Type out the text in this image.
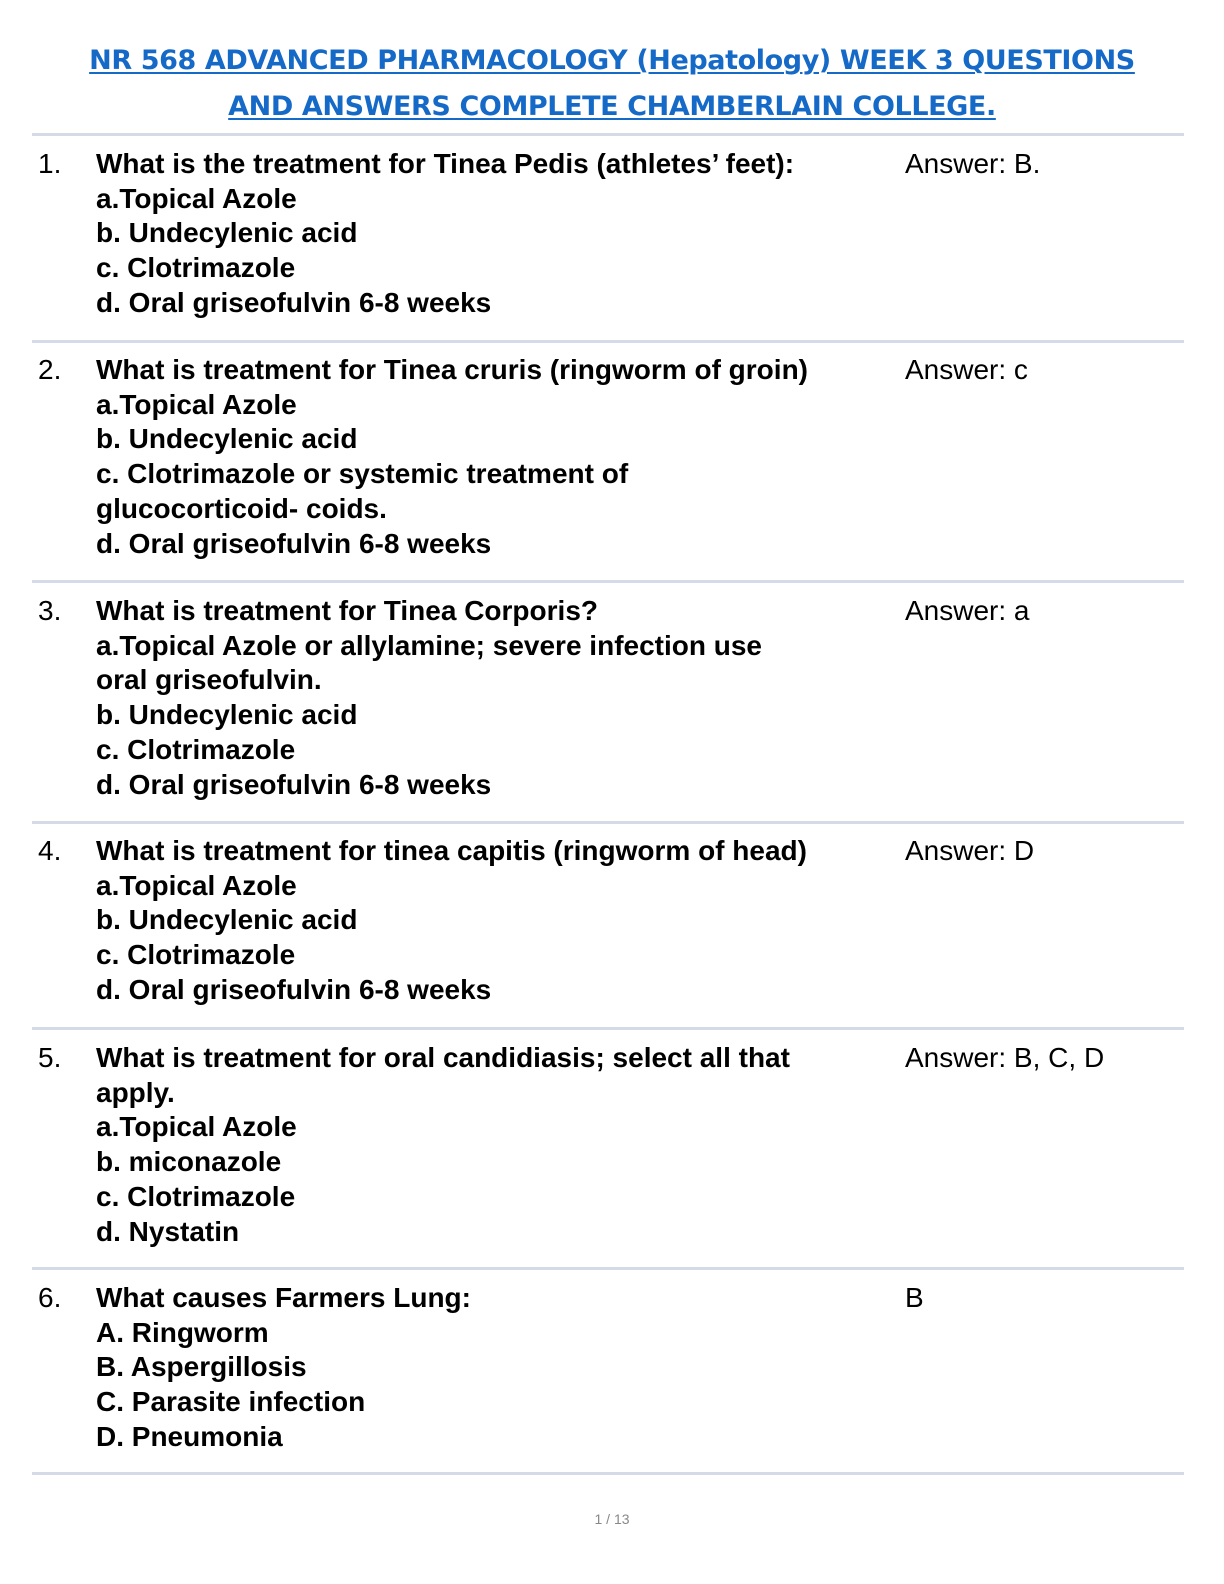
NR 568 ADVANCED PHARMACOLOGY (Hepatology) WEEK 3 QUESTIONS
AND ANSWERS COMPLETE CHAMBERLAIN COLLEGE.
1. What is the treatment for Tinea Pedis (athletes’ feet):
a.Topical Azole
b. Undecylenic acid
c. Clotrimazole
d. Oral griseofulvin 6-8 weeks
Answer: B.
2. What is treatment for Tinea cruris (ringworm of groin)
a.Topical Azole
b. Undecylenic acid
c. Clotrimazole or systemic treatment of
glucocorticoid- coids.
d. Oral griseofulvin 6-8 weeks
Answer: c
3. What is treatment for Tinea Corporis?
a.Topical Azole or allylamine; severe infection use
oral griseofulvin.
b. Undecylenic acid
c. Clotrimazole
d. Oral griseofulvin 6-8 weeks
Answer: a
4. What is treatment for tinea capitis (ringworm of head)
a.Topical Azole
b. Undecylenic acid
c. Clotrimazole
d. Oral griseofulvin 6-8 weeks
Answer: D
5. What is treatment for oral candidiasis; select all that
apply.
a.Topical Azole
b. miconazole
c. Clotrimazole
d. Nystatin
Answer: B, C, D
6. What causes Farmers Lung:
A. Ringworm
B. Aspergillosis
C. Parasite infection
D. Pneumonia
B
1 / 13
